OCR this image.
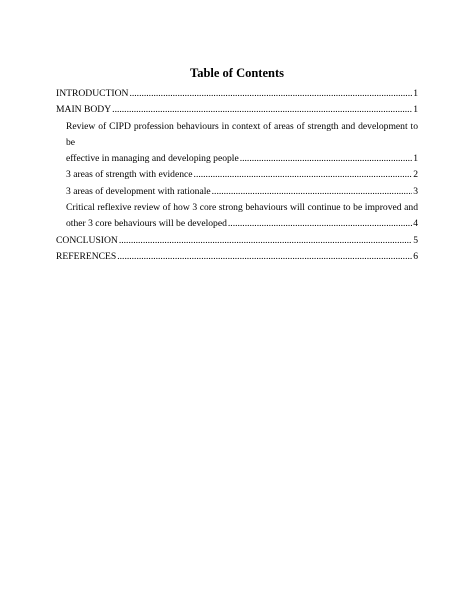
Table of Contents
INTRODUCTION .....	1
MAIN BODY .....	1
Review of CIPD profession behaviours in context of areas of strength and development to be
effective in managing and developing people .....	1
3 areas of strength with evidence .....	2
3 areas of development with rationale .....	3
Critical reflexive review of how 3 core strong behaviours will continue to be improved and
other 3 core behaviours will be developed .....	4
CONCLUSION .....	5
REFERENCES .....	6
